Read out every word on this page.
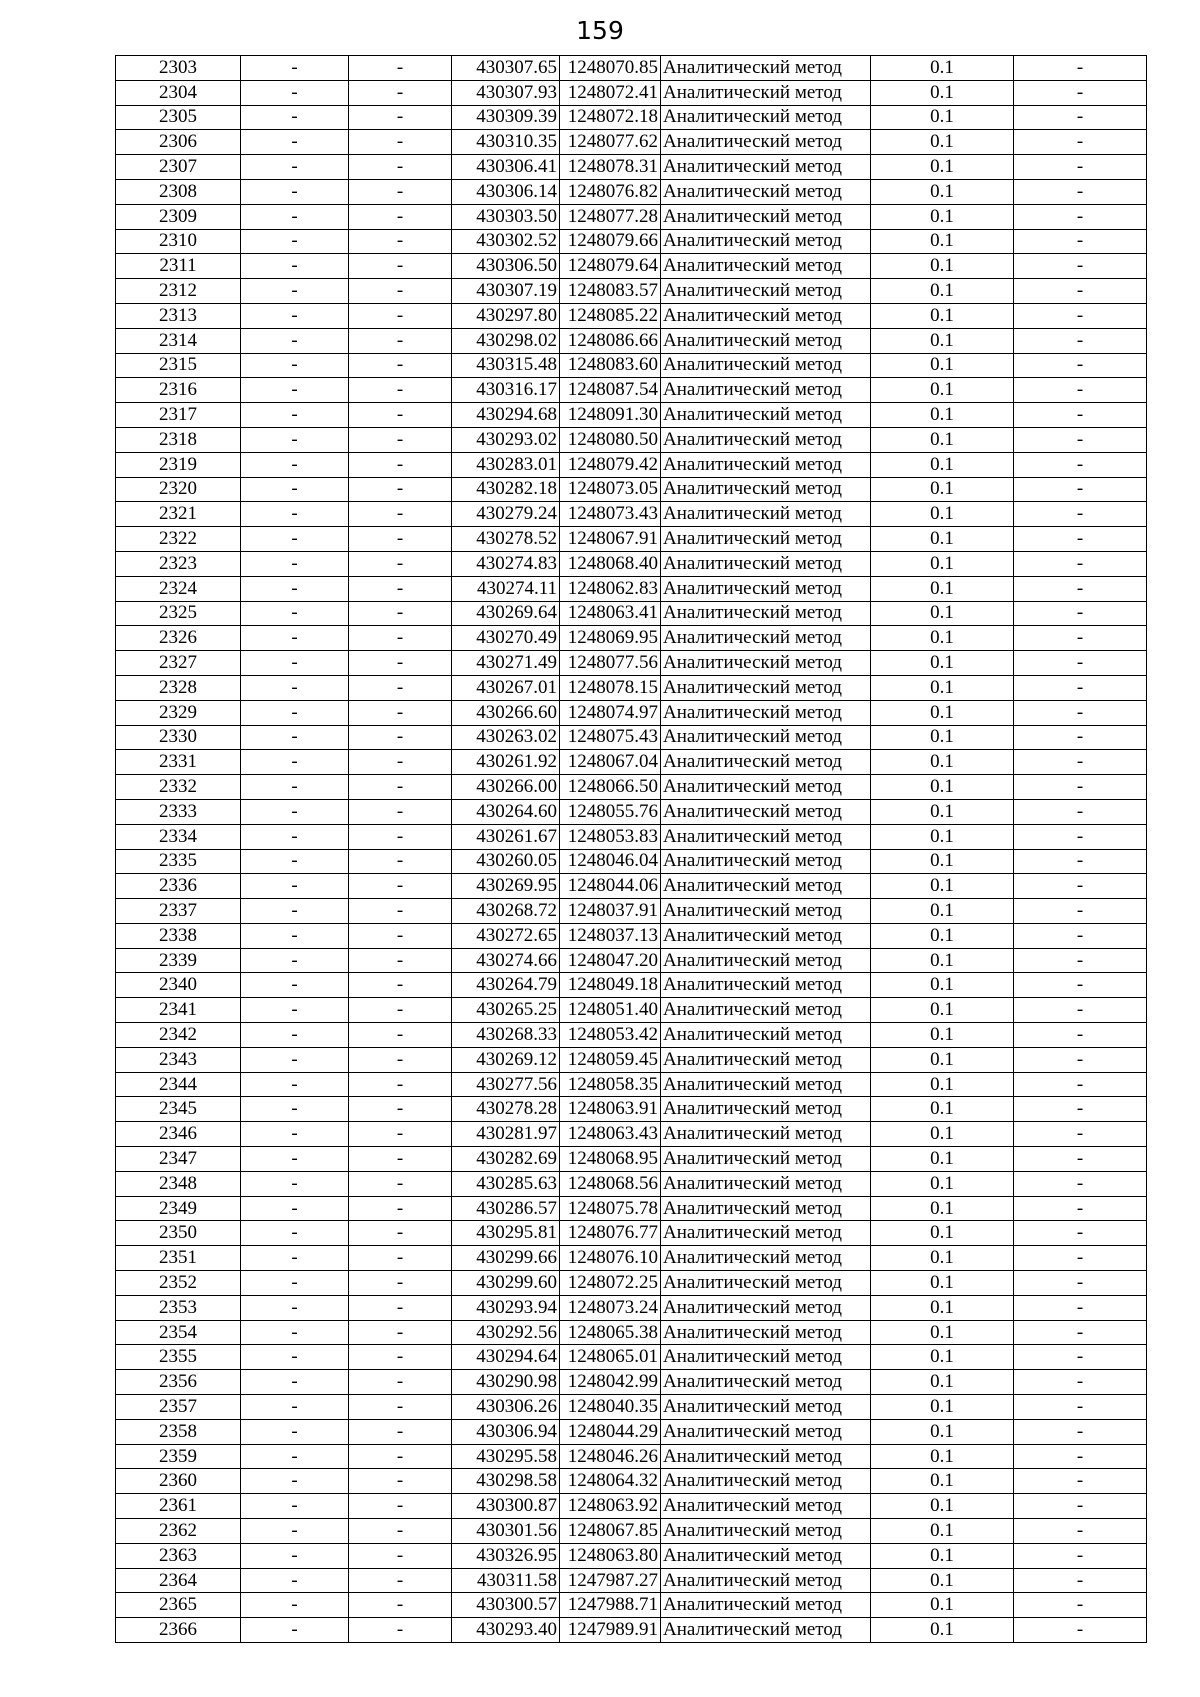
159
2303	-	-	430307.65	1248070.85	Аналитический метод	0.1	-
2304	-	-	430307.93	1248072.41	Аналитический метод	0.1	-
2305	-	-	430309.39	1248072.18	Аналитический метод	0.1	-
2306	-	-	430310.35	1248077.62	Аналитический метод	0.1	-
2307	-	-	430306.41	1248078.31	Аналитический метод	0.1	-
2308	-	-	430306.14	1248076.82	Аналитический метод	0.1	-
2309	-	-	430303.50	1248077.28	Аналитический метод	0.1	-
2310	-	-	430302.52	1248079.66	Аналитический метод	0.1	-
2311	-	-	430306.50	1248079.64	Аналитический метод	0.1	-
2312	-	-	430307.19	1248083.57	Аналитический метод	0.1	-
2313	-	-	430297.80	1248085.22	Аналитический метод	0.1	-
2314	-	-	430298.02	1248086.66	Аналитический метод	0.1	-
2315	-	-	430315.48	1248083.60	Аналитический метод	0.1	-
2316	-	-	430316.17	1248087.54	Аналитический метод	0.1	-
2317	-	-	430294.68	1248091.30	Аналитический метод	0.1	-
2318	-	-	430293.02	1248080.50	Аналитический метод	0.1	-
2319	-	-	430283.01	1248079.42	Аналитический метод	0.1	-
2320	-	-	430282.18	1248073.05	Аналитический метод	0.1	-
2321	-	-	430279.24	1248073.43	Аналитический метод	0.1	-
2322	-	-	430278.52	1248067.91	Аналитический метод	0.1	-
2323	-	-	430274.83	1248068.40	Аналитический метод	0.1	-
2324	-	-	430274.11	1248062.83	Аналитический метод	0.1	-
2325	-	-	430269.64	1248063.41	Аналитический метод	0.1	-
2326	-	-	430270.49	1248069.95	Аналитический метод	0.1	-
2327	-	-	430271.49	1248077.56	Аналитический метод	0.1	-
2328	-	-	430267.01	1248078.15	Аналитический метод	0.1	-
2329	-	-	430266.60	1248074.97	Аналитический метод	0.1	-
2330	-	-	430263.02	1248075.43	Аналитический метод	0.1	-
2331	-	-	430261.92	1248067.04	Аналитический метод	0.1	-
2332	-	-	430266.00	1248066.50	Аналитический метод	0.1	-
2333	-	-	430264.60	1248055.76	Аналитический метод	0.1	-
2334	-	-	430261.67	1248053.83	Аналитический метод	0.1	-
2335	-	-	430260.05	1248046.04	Аналитический метод	0.1	-
2336	-	-	430269.95	1248044.06	Аналитический метод	0.1	-
2337	-	-	430268.72	1248037.91	Аналитический метод	0.1	-
2338	-	-	430272.65	1248037.13	Аналитический метод	0.1	-
2339	-	-	430274.66	1248047.20	Аналитический метод	0.1	-
2340	-	-	430264.79	1248049.18	Аналитический метод	0.1	-
2341	-	-	430265.25	1248051.40	Аналитический метод	0.1	-
2342	-	-	430268.33	1248053.42	Аналитический метод	0.1	-
2343	-	-	430269.12	1248059.45	Аналитический метод	0.1	-
2344	-	-	430277.56	1248058.35	Аналитический метод	0.1	-
2345	-	-	430278.28	1248063.91	Аналитический метод	0.1	-
2346	-	-	430281.97	1248063.43	Аналитический метод	0.1	-
2347	-	-	430282.69	1248068.95	Аналитический метод	0.1	-
2348	-	-	430285.63	1248068.56	Аналитический метод	0.1	-
2349	-	-	430286.57	1248075.78	Аналитический метод	0.1	-
2350	-	-	430295.81	1248076.77	Аналитический метод	0.1	-
2351	-	-	430299.66	1248076.10	Аналитический метод	0.1	-
2352	-	-	430299.60	1248072.25	Аналитический метод	0.1	-
2353	-	-	430293.94	1248073.24	Аналитический метод	0.1	-
2354	-	-	430292.56	1248065.38	Аналитический метод	0.1	-
2355	-	-	430294.64	1248065.01	Аналитический метод	0.1	-
2356	-	-	430290.98	1248042.99	Аналитический метод	0.1	-
2357	-	-	430306.26	1248040.35	Аналитический метод	0.1	-
2358	-	-	430306.94	1248044.29	Аналитический метод	0.1	-
2359	-	-	430295.58	1248046.26	Аналитический метод	0.1	-
2360	-	-	430298.58	1248064.32	Аналитический метод	0.1	-
2361	-	-	430300.87	1248063.92	Аналитический метод	0.1	-
2362	-	-	430301.56	1248067.85	Аналитический метод	0.1	-
2363	-	-	430326.95	1248063.80	Аналитический метод	0.1	-
2364	-	-	430311.58	1247987.27	Аналитический метод	0.1	-
2365	-	-	430300.57	1247988.71	Аналитический метод	0.1	-
2366	-	-	430293.40	1247989.91	Аналитический метод	0.1	-
